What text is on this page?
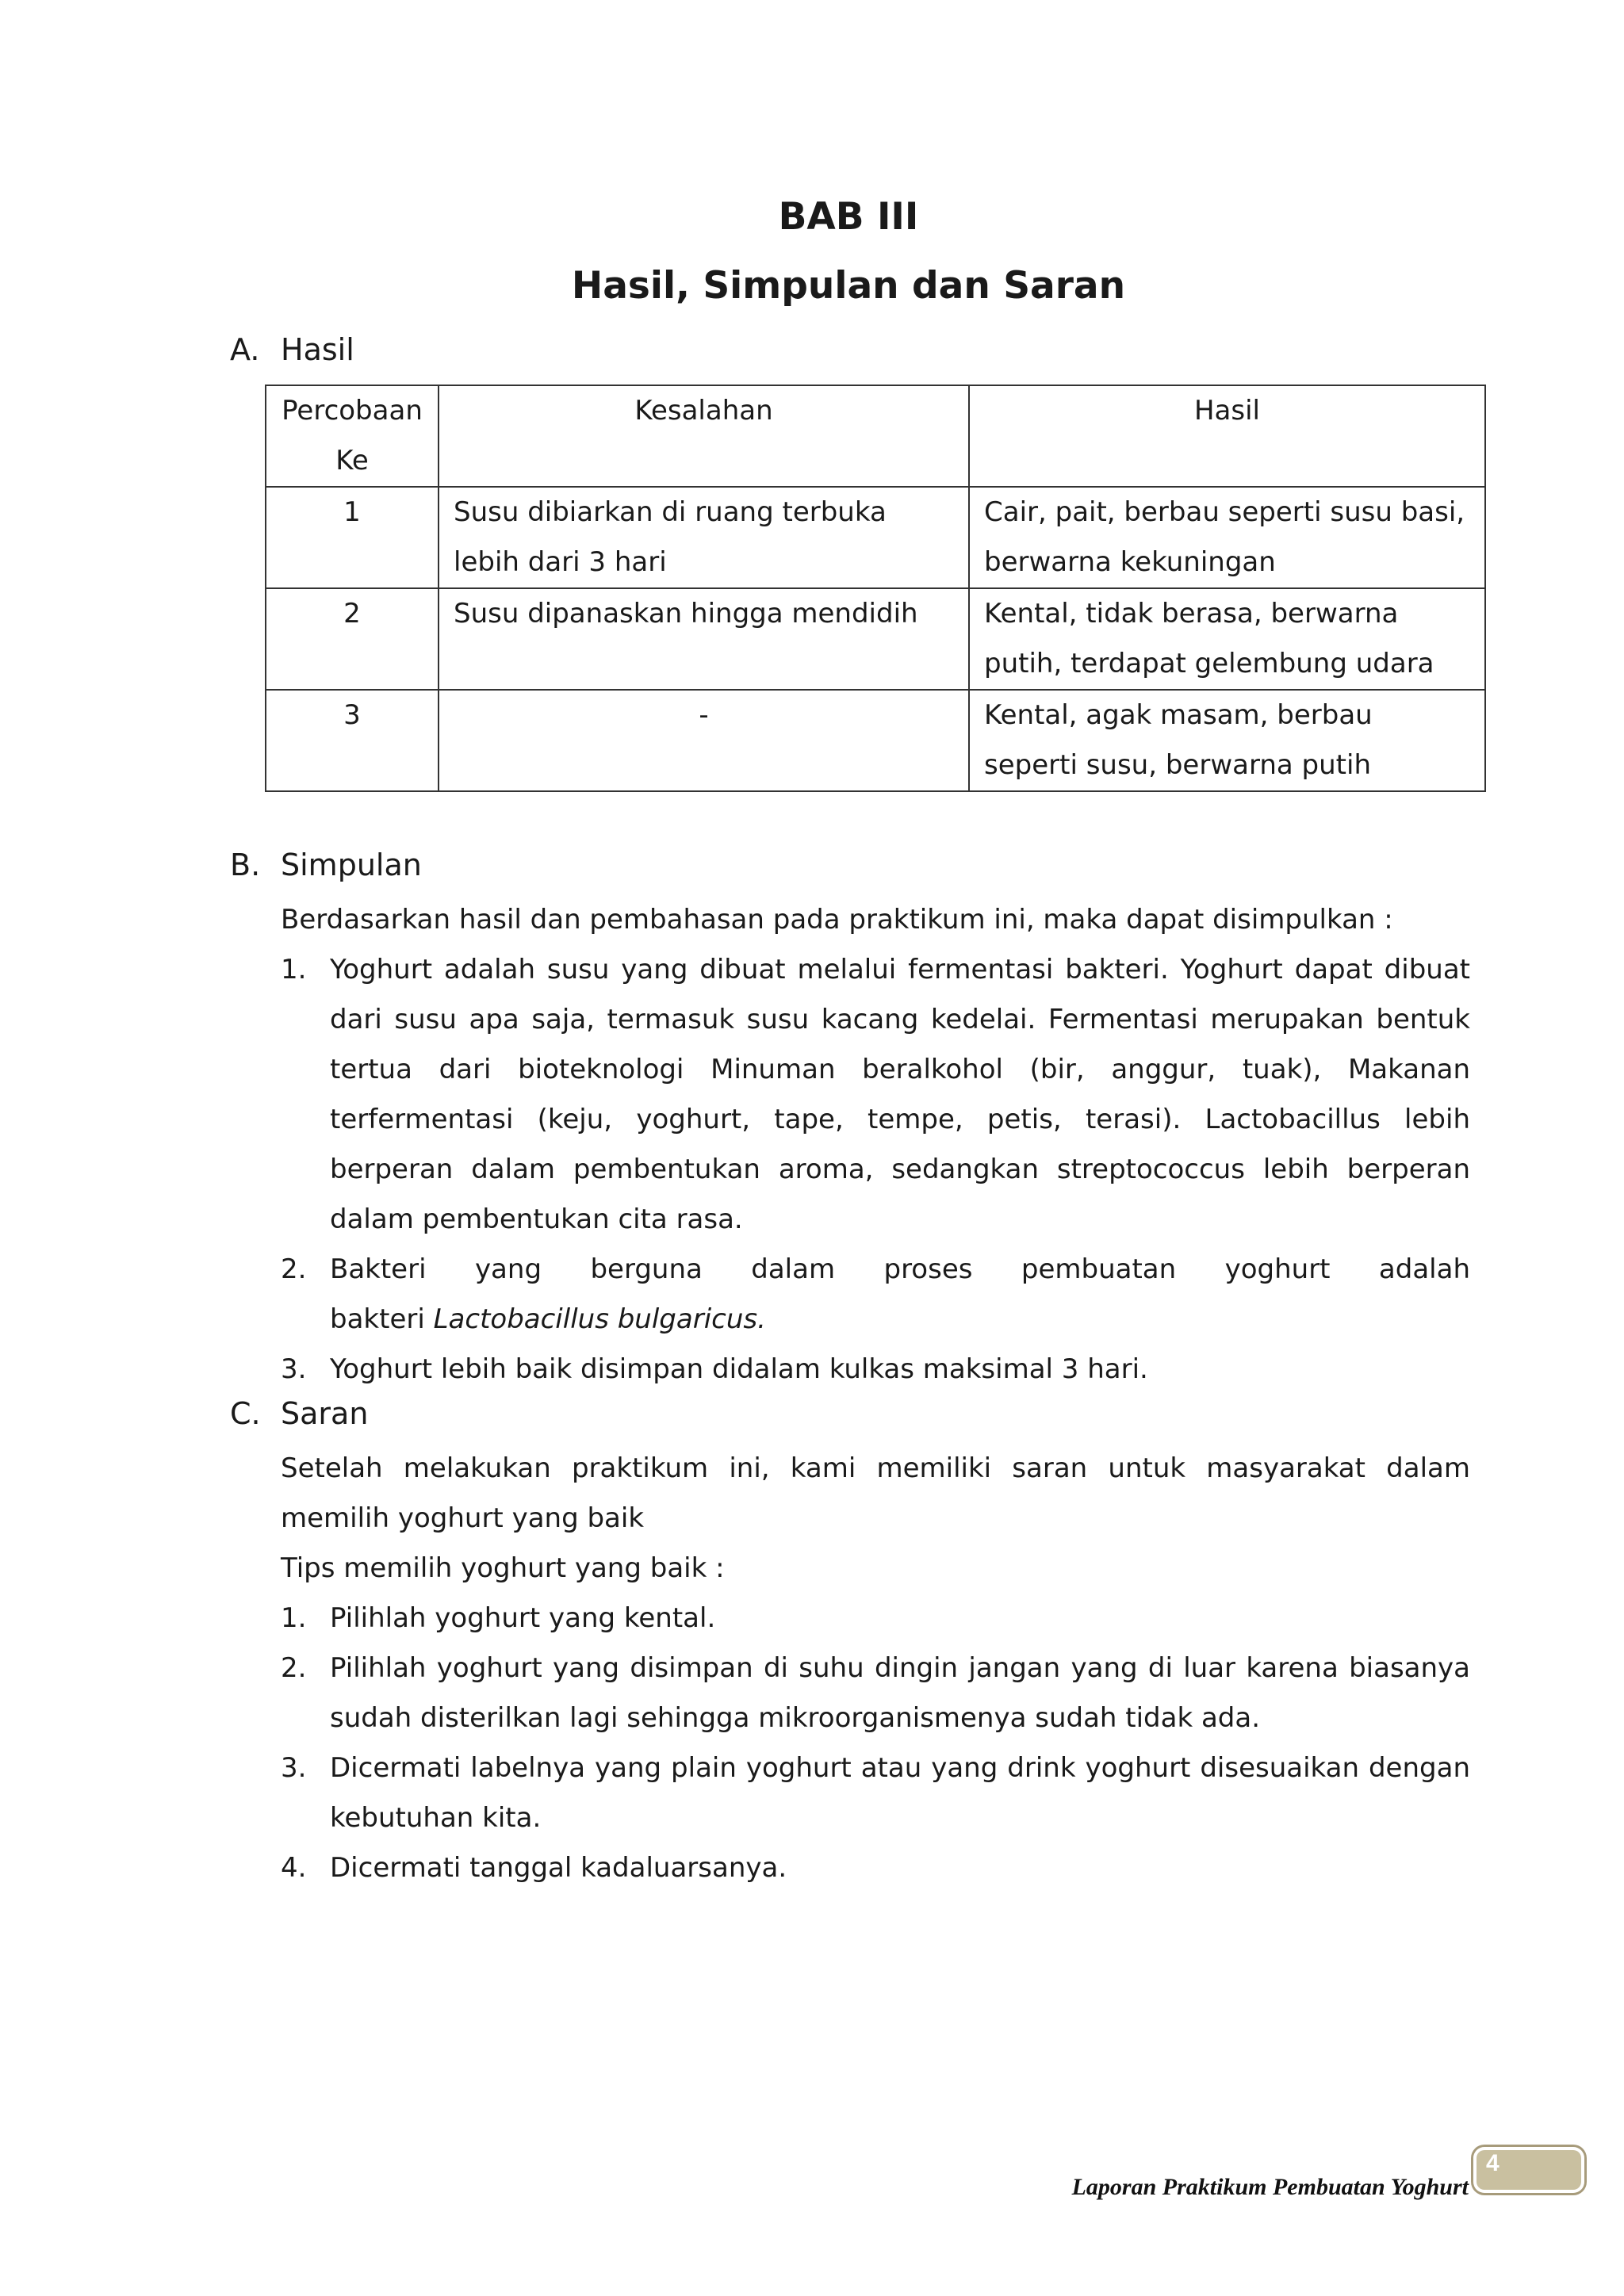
BAB III
Hasil, Simpulan dan Saran
A. Hasil
Percobaan Ke	Kesalahan	Hasil
1	Susu dibiarkan di ruang terbuka lebih dari 3 hari	Cair, pait, berbau seperti susu basi, berwarna kekuningan
2	Susu dipanaskan hingga mendidih	Kental, tidak berasa, berwarna putih, terdapat gelembung udara
3	-	Kental, agak masam, berbau seperti susu, berwarna putih
B. Simpulan
Berdasarkan hasil dan pembahasan pada praktikum ini, maka dapat disimpulkan :
1. Yoghurt adalah susu yang dibuat melalui fermentasi bakteri. Yoghurt dapat dibuat dari susu apa saja, termasuk susu kacang kedelai. Fermentasi merupakan bentuk tertua dari bioteknologi Minuman beralkohol (bir, anggur, tuak), Makanan terfermentasi (keju, yoghurt, tape, tempe, petis, terasi). Lactobacillus lebih berperan dalam pembentukan aroma, sedangkan streptococcus lebih berperan dalam pembentukan cita rasa.
2. Bakteri yang berguna dalam proses pembuatan yoghurt adalah
bakteri Lactobacillus bulgaricus.
3. Yoghurt lebih baik disimpan didalam kulkas maksimal 3 hari.
C. Saran
Setelah melakukan praktikum ini, kami memiliki saran untuk masyarakat dalam memilih yoghurt yang baik
Tips memilih yoghurt yang baik :
1. Pilihlah yoghurt yang kental.
2. Pilihlah yoghurt yang disimpan di suhu dingin jangan yang di luar karena biasanya sudah disterilkan lagi sehingga mikroorganismenya sudah tidak ada.
3. Dicermati labelnya yang plain yoghurt atau yang drink yoghurt disesuaikan dengan kebutuhan kita.
4. Dicermati tanggal kadaluarsanya.
Laporan Praktikum Pembuatan Yoghurt
4
